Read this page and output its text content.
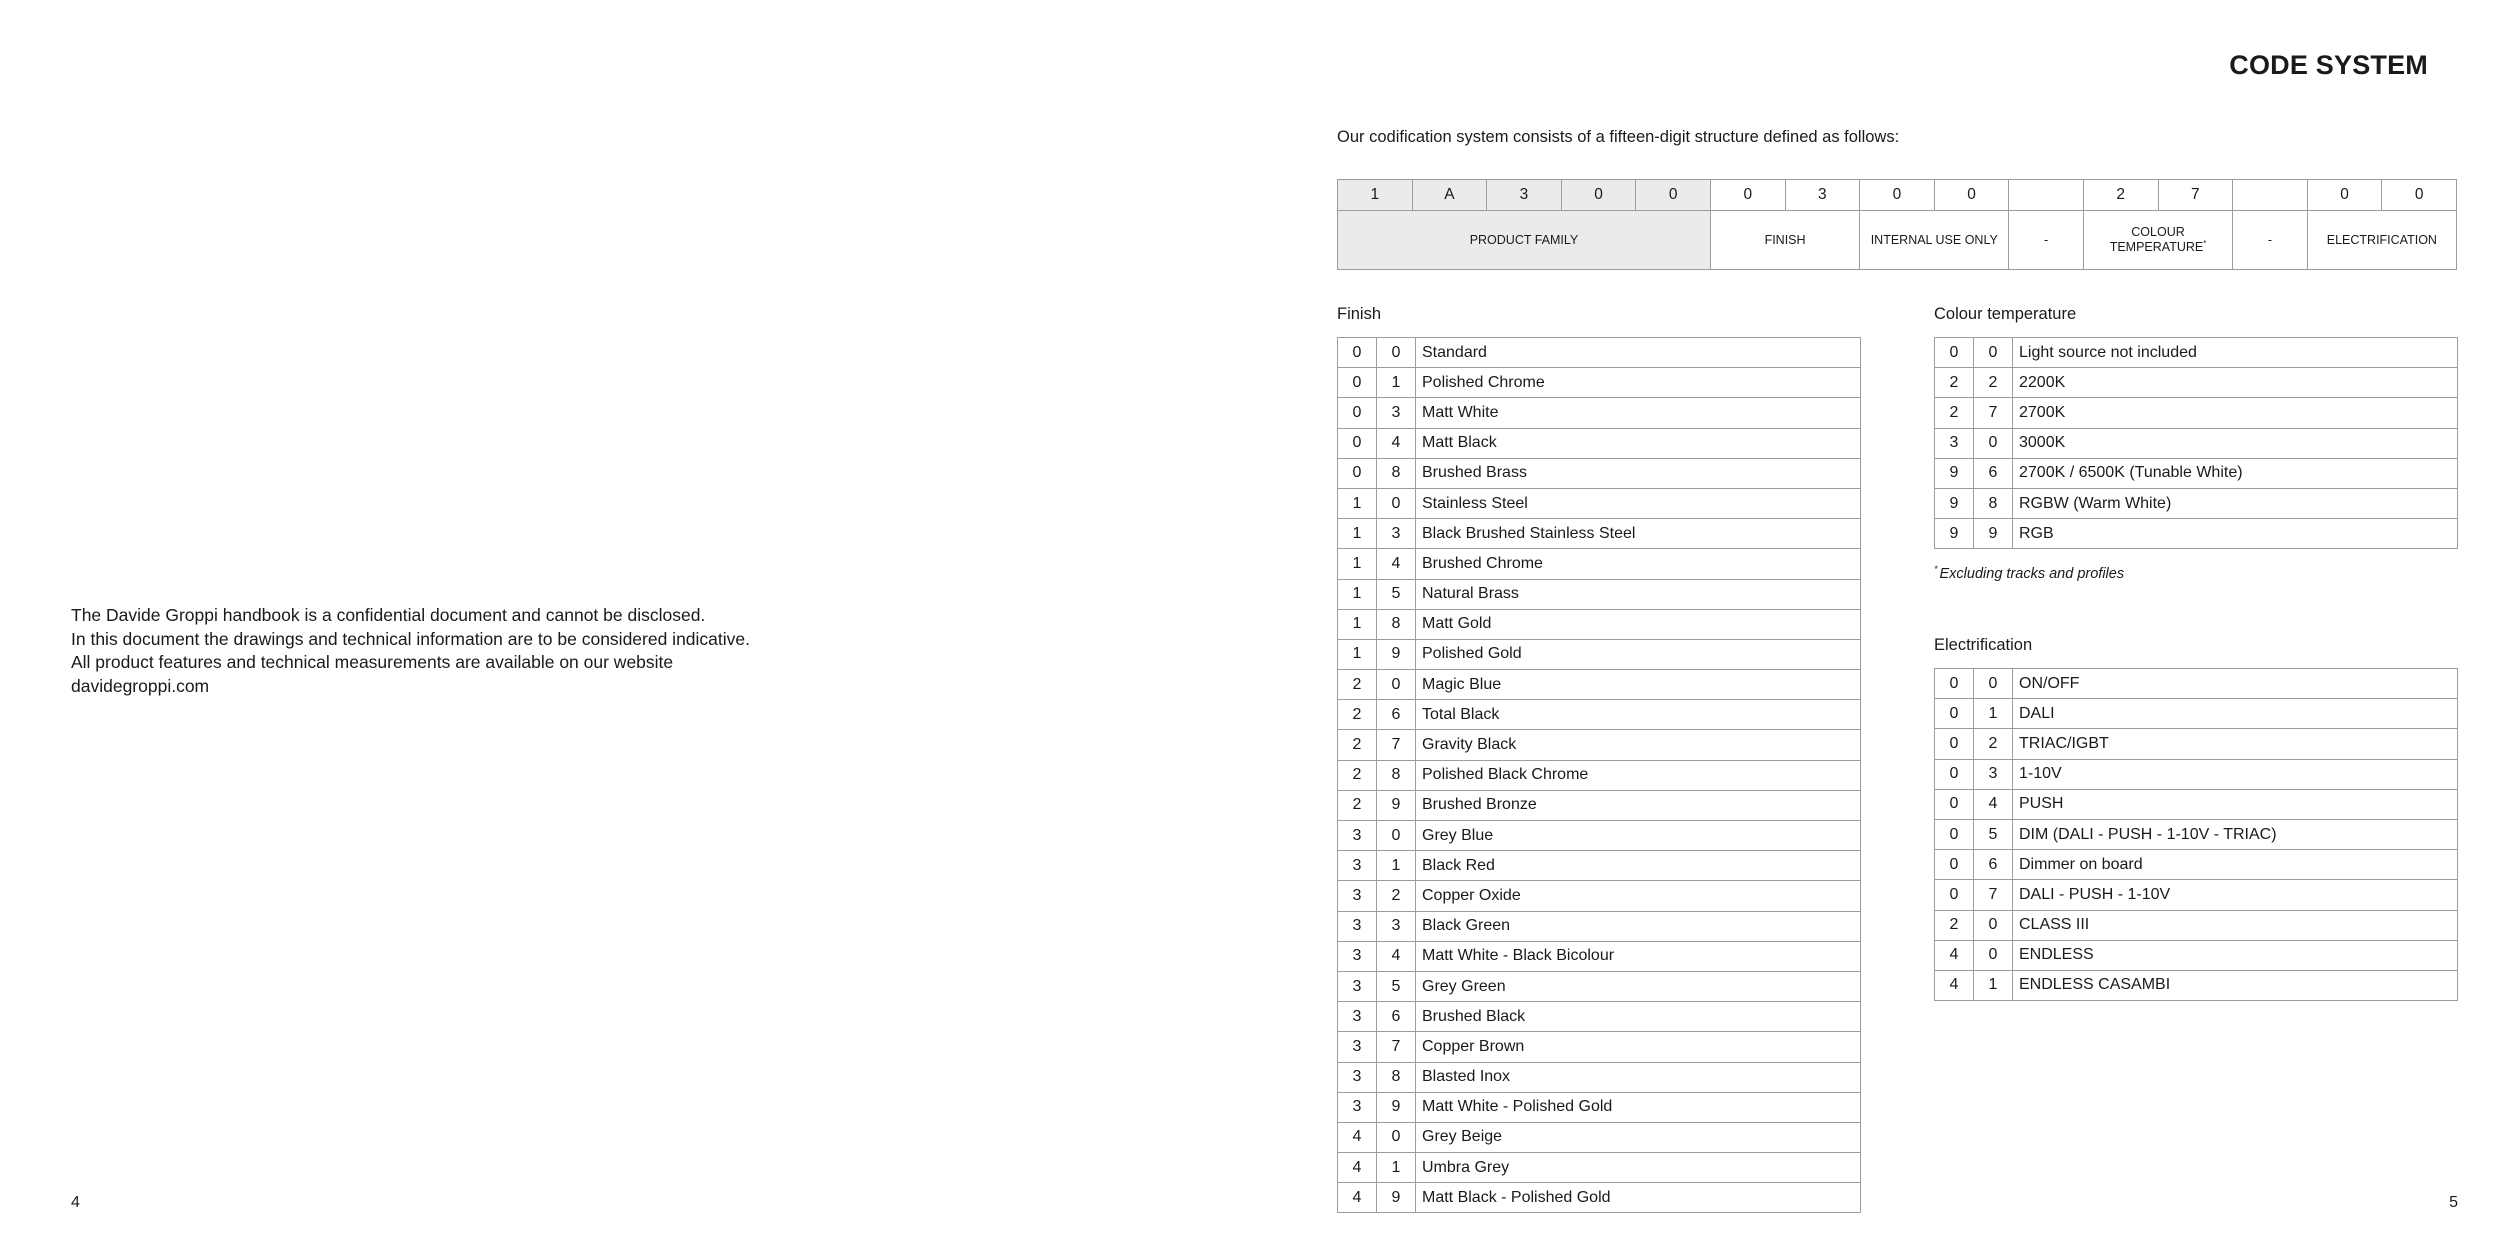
The Davide Groppi handbook is a confidential document and cannot be disclosed.
In this document the drawings and technical information are to be considered indicative.
All product features and technical measurements are available on our website
davidegroppi.com
4
CODE SYSTEM
Our codification system consists of a fifteen-digit structure defined as follows:
1	A	3	0	0	0	3	0	0		2	7		0	0
PRODUCT FAMILY					FINISH		INTERNAL USE ONLY		-	COLOUR TEMPERATURE*		-	ELECTRIFICATION	
Finish
0	0	Standard
0	1	Polished Chrome
0	3	Matt White
0	4	Matt Black
0	8	Brushed Brass
1	0	Stainless Steel
1	3	Black Brushed Stainless Steel
1	4	Brushed Chrome
1	5	Natural Brass
1	8	Matt Gold
1	9	Polished Gold
2	0	Magic Blue
2	6	Total Black
2	7	Gravity Black
2	8	Polished Black Chrome
2	9	Brushed Bronze
3	0	Grey Blue
3	1	Black Red
3	2	Copper Oxide
3	3	Black Green
3	4	Matt White - Black Bicolour
3	5	Grey Green
3	6	Brushed Black
3	7	Copper Brown
3	8	Blasted Inox
3	9	Matt White - Polished Gold
4	0	Grey Beige
4	1	Umbra Grey
4	9	Matt Black - Polished Gold
Colour temperature
0	0	Light source not included
2	2	2200K
2	7	2700K
3	0	3000K
9	6	2700K / 6500K (Tunable White)
9	8	RGBW (Warm White)
9	9	RGB
* Excluding tracks and profiles
Electrification
0	0	ON/OFF
0	1	DALI
0	2	TRIAC/IGBT
0	3	1-10V
0	4	PUSH
0	5	DIM (DALI - PUSH - 1-10V - TRIAC)
0	6	Dimmer on board
0	7	DALI - PUSH - 1-10V
2	0	CLASS III
4	0	ENDLESS
4	1	ENDLESS CASAMBI
5
